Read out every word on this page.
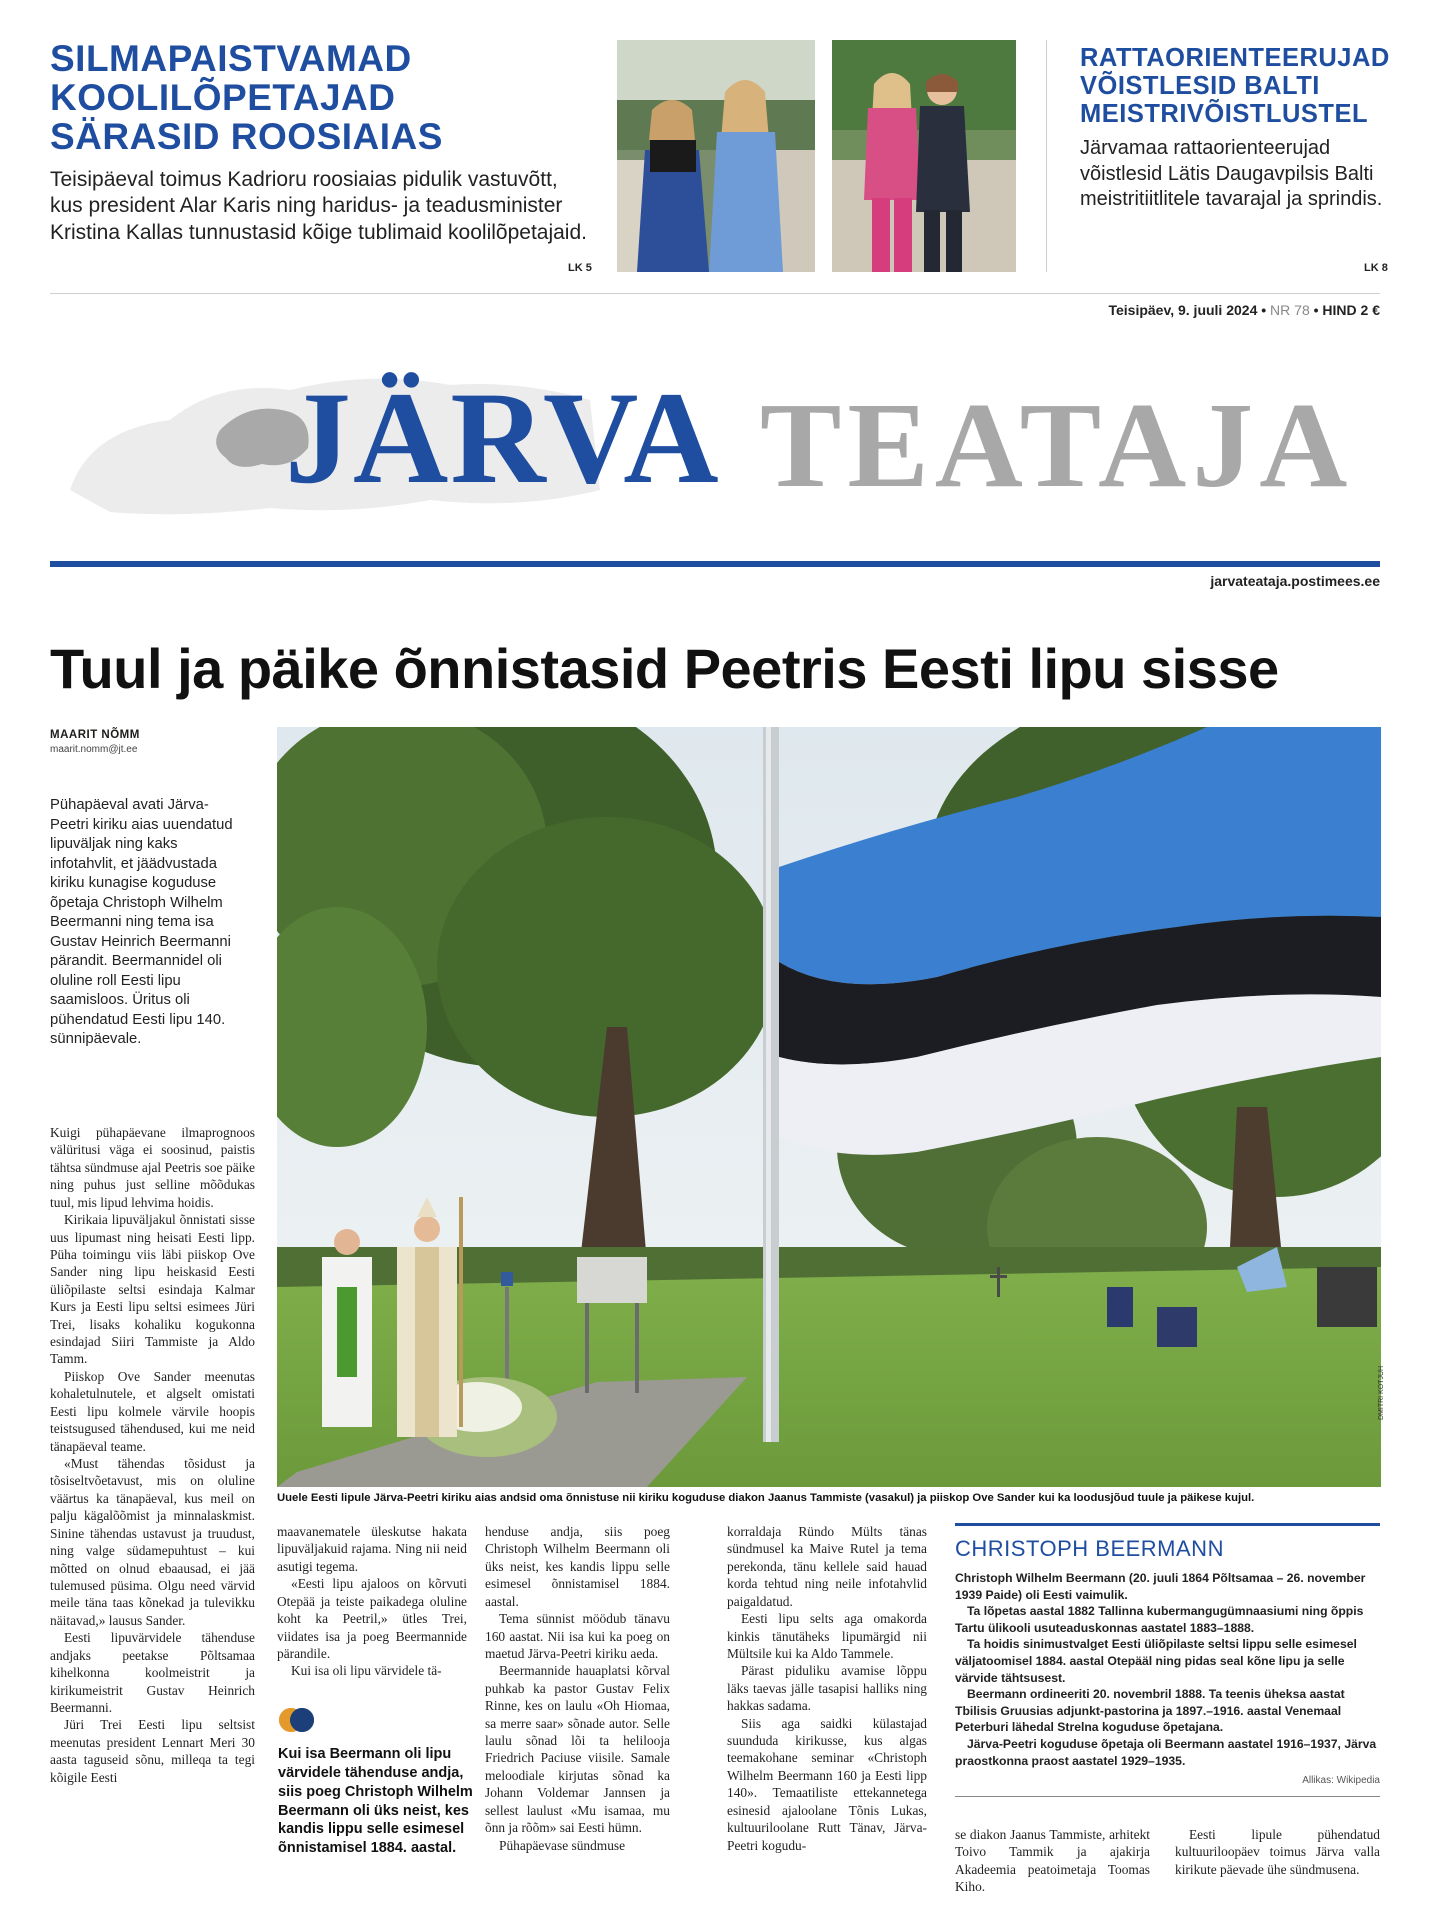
SILMAPAISTVAMAD
KOOLILÕPETAJAD
SÄRASID ROOSIAIAS
Teisipäeval toimus Kadrioru roosiaias pidulik vastuvõtt, kus president Alar Karis ning haridus- ja teadusminister Kristina Kallas tunnustasid kõige tublimaid koolilõpetajaid.
LK 5
RATTAORIENTEERUJAD
VÕISTLESID BALTI
MEISTRIVÕISTLUSTEL
Järvamaa rattaorienteerujad võistlesid Lätis Daugavpilsis Balti meistritiitlitele tavarajal ja sprindis.
LK 8
Teisipäev, 9. juuli 2024 • NR 78 • HIND 2 €
JÄRVA TEATAJA
jarvateataja.postimees.ee
Tuul ja päike õnnistasid Peetris Eesti lipu sisse
MAARIT NÕMM
maarit.nomm@jt.ee
Pühapäeval avati Järva-Peetri kiriku aias uuendatud lipuväljak ning kaks infotahvlit, et jäädvustada kiriku kunagise koguduse õpetaja Christoph Wilhelm Beermanni ning tema isa Gustav Heinrich Beermanni pärandit. Beermannidel oli oluline roll Eesti lipu saamisloos. Üritus oli pühendatud Eesti lipu 140. sünnipäevale.

Kuigi pühapäevane ilmaprognoos välüritusi väga ei soosinud, paistis tähtsa sündmuse ajal Peetris soe päike ning puhus just selline mõõdukas tuul, mis lipud lehvima hoidis.

Kirikaia lipuväljakul õnnistati sisse uus lipumast ning heisati Eesti lipp. Püha toimingu viis läbi piiskop Ove Sander ning lipu heiskasid Eesti üliõpilaste seltsi esindaja Kalmar Kurs ja Eesti lipu seltsi esimees Jüri Trei, lisaks kohaliku kogukonna esindajad Siiri Tammiste ja Aldo Tamm.

Piiskop Ove Sander meenutas kohaletulnutele, et algselt omistati Eesti lipu kolmele värvile hoopis teistsugused tähendused, kui me neid tänapäeval teame.

«Must tähendas tõsidust ja tõsiseltvõetavust, mis on oluline väärtus ka tänapäeval, kus meil on palju kägalõõmist ja minnalaskmist. Sinine tähendas ustavust ja truudust, ning valge südamepuhtust – kui mõtted on olnud ebaausad, ei jää tulemused püsima. Olgu need värvid meile täna taas kõnekad ja tulevikku näitavad,» lausus Sander.

Eesti lipuvärvidele tähenduse andjaks peetakse Põltsamaa kihelkonna koolmeistrit ja kirikumeistrit Gustav Heinrich Beermanni.

Jüri Trei Eesti lipu seltsist meenutas president Lennart Meri 30 aasta taguseid sõnu, milleqa ta tegi kõigile Eesti

DMITRI KOTJUH
Uuele Eesti lipule Järva-Peetri kiriku aias andsid oma õnnistuse nii kiriku koguduse diakon Jaanus Tammiste (vasakul) ja piiskop Ove Sander kui ka loodusjõud tuule ja päikese kujul.

maavanematele üleskutse hakata lipuväljakuid rajama. Ning nii neid asutigi tegema.

«Eesti lipu ajaloos on kõrvuti Otepää ja teiste paikadega oluline koht ka Peetril,» ütles Trei, viidates isa ja poeg Beermannide pärandile.

Kui isa oli lipu värvidele tä-

Kui isa Beermann oli lipu värvidele tähenduse andja, siis poeg Christoph Wilhelm Beermann oli üks neist, kes kandis lippu selle esimesel õnnistamisel 1884. aastal.

henduse andja, siis poeg Christoph Wilhelm Beermann oli üks neist, kes kandis lippu selle esimesel õnnistamisel 1884. aastal.

Tema sünnist möödub tänavu 160 aastat. Nii isa kui ka poeg on maetud Järva-Peetri kiriku aeda.

Beermannide hauaplatsi kõrval puhkab ka pastor Gustav Felix Rinne, kes on laulu «Oh Hiomaa, sa merre saar» sõnade autor. Selle laulu sõnad lõi ta helilooja Friedrich Paciuse viisile. Samale meloodiale kirjutas sõnad ka Johann Voldemar Jannsen ja sellest laulust «Mu isamaa, mu õnn ja rõõm» sai Eesti hümn.

Pühapäevase sündmuse

korraldaja Ründo Mülts tänas sündmusel ka Maive Rutel ja tema perekonda, tänu kellele said hauad korda tehtud ning neile infotahvlid paigaldatud.

Eesti lipu selts aga omakorda kinkis tänutäheks lipumärgid nii Mültsile kui ka Aldo Tammele.

Pärast piduliku avamise lõppu läks taevas jälle tasapisi halliks ning hakkas sadama.

Siis aga saidki külastajad suunduda kirikusse, kus algas teemakohane seminar «Christoph Wilhelm Beermann 160 ja Eesti lipp 140». Temaatiliste ettekannetega esinesid ajaloolane Tõnis Lukas, kultuuriloolane Rutt Tänav, Järva-Peetri kogudu-

CHRISTOPH BEERMANN

Christoph Wilhelm Beermann (20. juuli 1864 Põltsamaa – 26. november 1939 Paide) oli Eesti vaimulik.

Ta lõpetas aastal 1882 Tallinna kubermangugümnaasiumi ning õppis Tartu ülikooli usuteaduskonnas aastatel 1883–1888.

Ta hoidis sinimustvalget Eesti üliõpilaste seltsi lippu selle esimesel väljatoomisel 1884. aastal Otepääl ning pidas seal kõne lipu ja selle värvide tähtsusest.

Beermann ordineeriti 20. novembril 1888. Ta teenis üheksa aastat Tbilisis Gruusias adjunkt-pastorina ja 1897.–1916. aastal Venemaal Peterburi lähedal Strelna koguduse õpetajana.

Järva-Peetri koguduse õpetaja oli Beermann aastatel 1916–1937, Järva praostkonna praost aastatel 1929–1935.

Allikas: Wikipedia

se diakon Jaanus Tammiste, arhitekt Toivo Tammik ja ajakirja Akadeemia peatoimetaja Toomas Kiho.

Eesti lipule pühendatud kultuuriloopäev toimus Järva valla kirikute päevade ühe sündmusena.
